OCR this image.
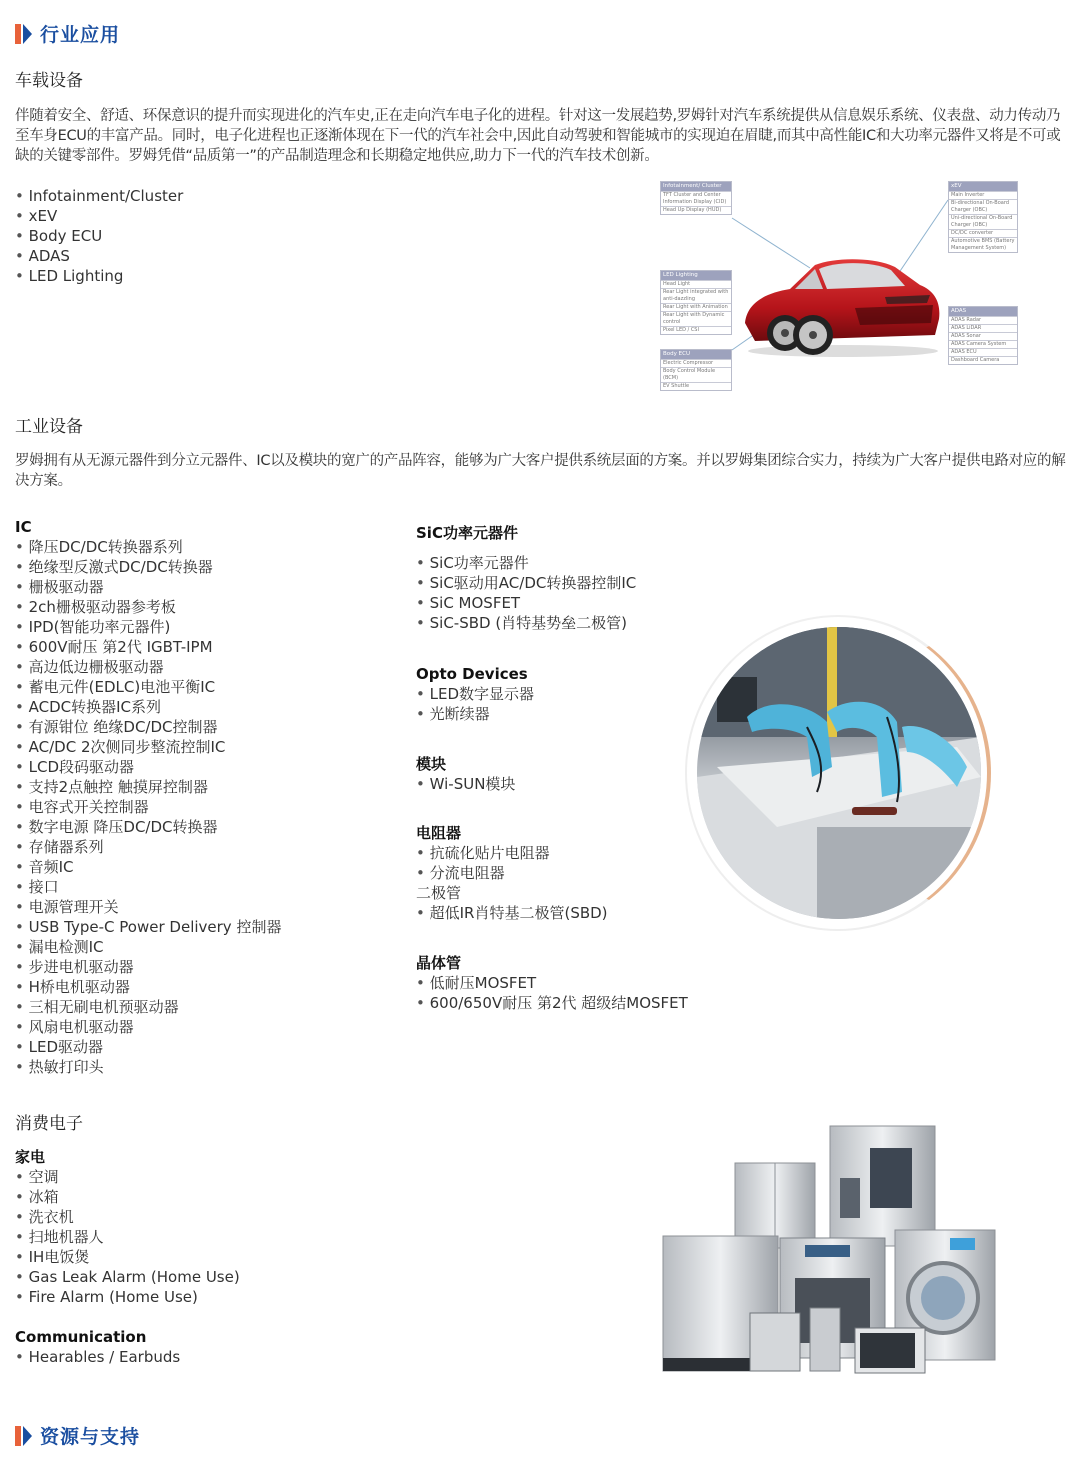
行业应用
车载设备
伴随着安全、舒适、环保意识的提升而实现进化的汽车史,正在走向汽车电子化的进程。针对这一发展趋势,罗姆针对汽车系统提供从信息娱乐系统、仪表盘、动力传动乃至车身ECU的丰富产品。同时，电子化进程也正逐渐体现在下一代的汽车社会中,因此自动驾驶和智能城市的实现迫在眉睫,而其中高性能IC和大功率元器件又将是不可或缺的关键零部件。罗姆凭借“品质第一”的产品制造理念和长期稳定地供应,助力下一代的汽车技术创新。
• Infotainment/Cluster
• xEV
• Body ECU
• ADAS
• LED Lighting
Infotainment/ Cluster
TFT Cluster and Center Information Display (CID)
Head Up Display (HUD)
xEV
Main Inverter
Bi-directional On-Board Charger (OBC)
Uni-directional On-Board Charger (OBC)
DC/DC converter
Automotive BMS (Battery Management System)
LED Lighting
Head Light
Rear Light integrated with anti-dazzling
Rear Light with Animation
Rear Light with Dynamic control
Pixel LED / CSI
Body ECU
Electric Compressor
Body Control Module (BCM)
EV Shuttle
ADAS
ADAS Radar
ADAS LiDAR
ADAS Sonar
ADAS Camera System
ADAS ECU
Dashboard Camera
工业设备
罗姆拥有从无源元器件到分立元器件、IC以及模块的宽广的产品阵容，能够为广大客户提供系统层面的方案。并以罗姆集团综合实力，持续为广大客户提供电路对应的解决方案。
IC
• 降压DC/DC转换器系列
• 绝缘型反激式DC/DC转换器
• 栅极驱动器
• 2ch栅极驱动器参考板
• IPD(智能功率元器件)
• 600V耐压 第2代 IGBT-IPM
• 高边低边栅极驱动器
• 蓄电元件(EDLC)电池平衡IC
• ACDC转换器IC系列
• 有源钳位 绝缘DC/DC控制器
• AC/DC 2次侧同步整流控制IC
• LCD段码驱动器
• 支持2点触控 触摸屏控制器
• 电容式开关控制器
• 数字电源 降压DC/DC转换器
• 存储器系列
• 音频IC
• 接口
• 电源管理开关
• USB Type-C Power Delivery 控制器
• 漏电检测IC
• 步进电机驱动器
• H桥电机驱动器
• 三相无刷电机预驱动器
• 风扇电机驱动器
• LED驱动器
• 热敏打印头
SiC功率元器件
• SiC功率元器件
• SiC驱动用AC/DC转换器控制IC
• SiC MOSFET
• SiC-SBD (肖特基势垒二极管)
Opto Devices
• LED数字显示器
• 光断续器
模块
• Wi-SUN模块
电阻器
• 抗硫化贴片电阻器
• 分流电阻器
二极管
• 超低IR肖特基二极管(SBD)
晶体管
• 低耐压MOSFET
• 600/650V耐压 第2代 超级结MOSFET
消费电子
家电
• 空调
• 冰箱
• 洗衣机
• 扫地机器人
• IH电饭煲
• Gas Leak Alarm (Home Use)
• Fire Alarm (Home Use)
Communication
• Hearables / Earbuds
资源与支持
